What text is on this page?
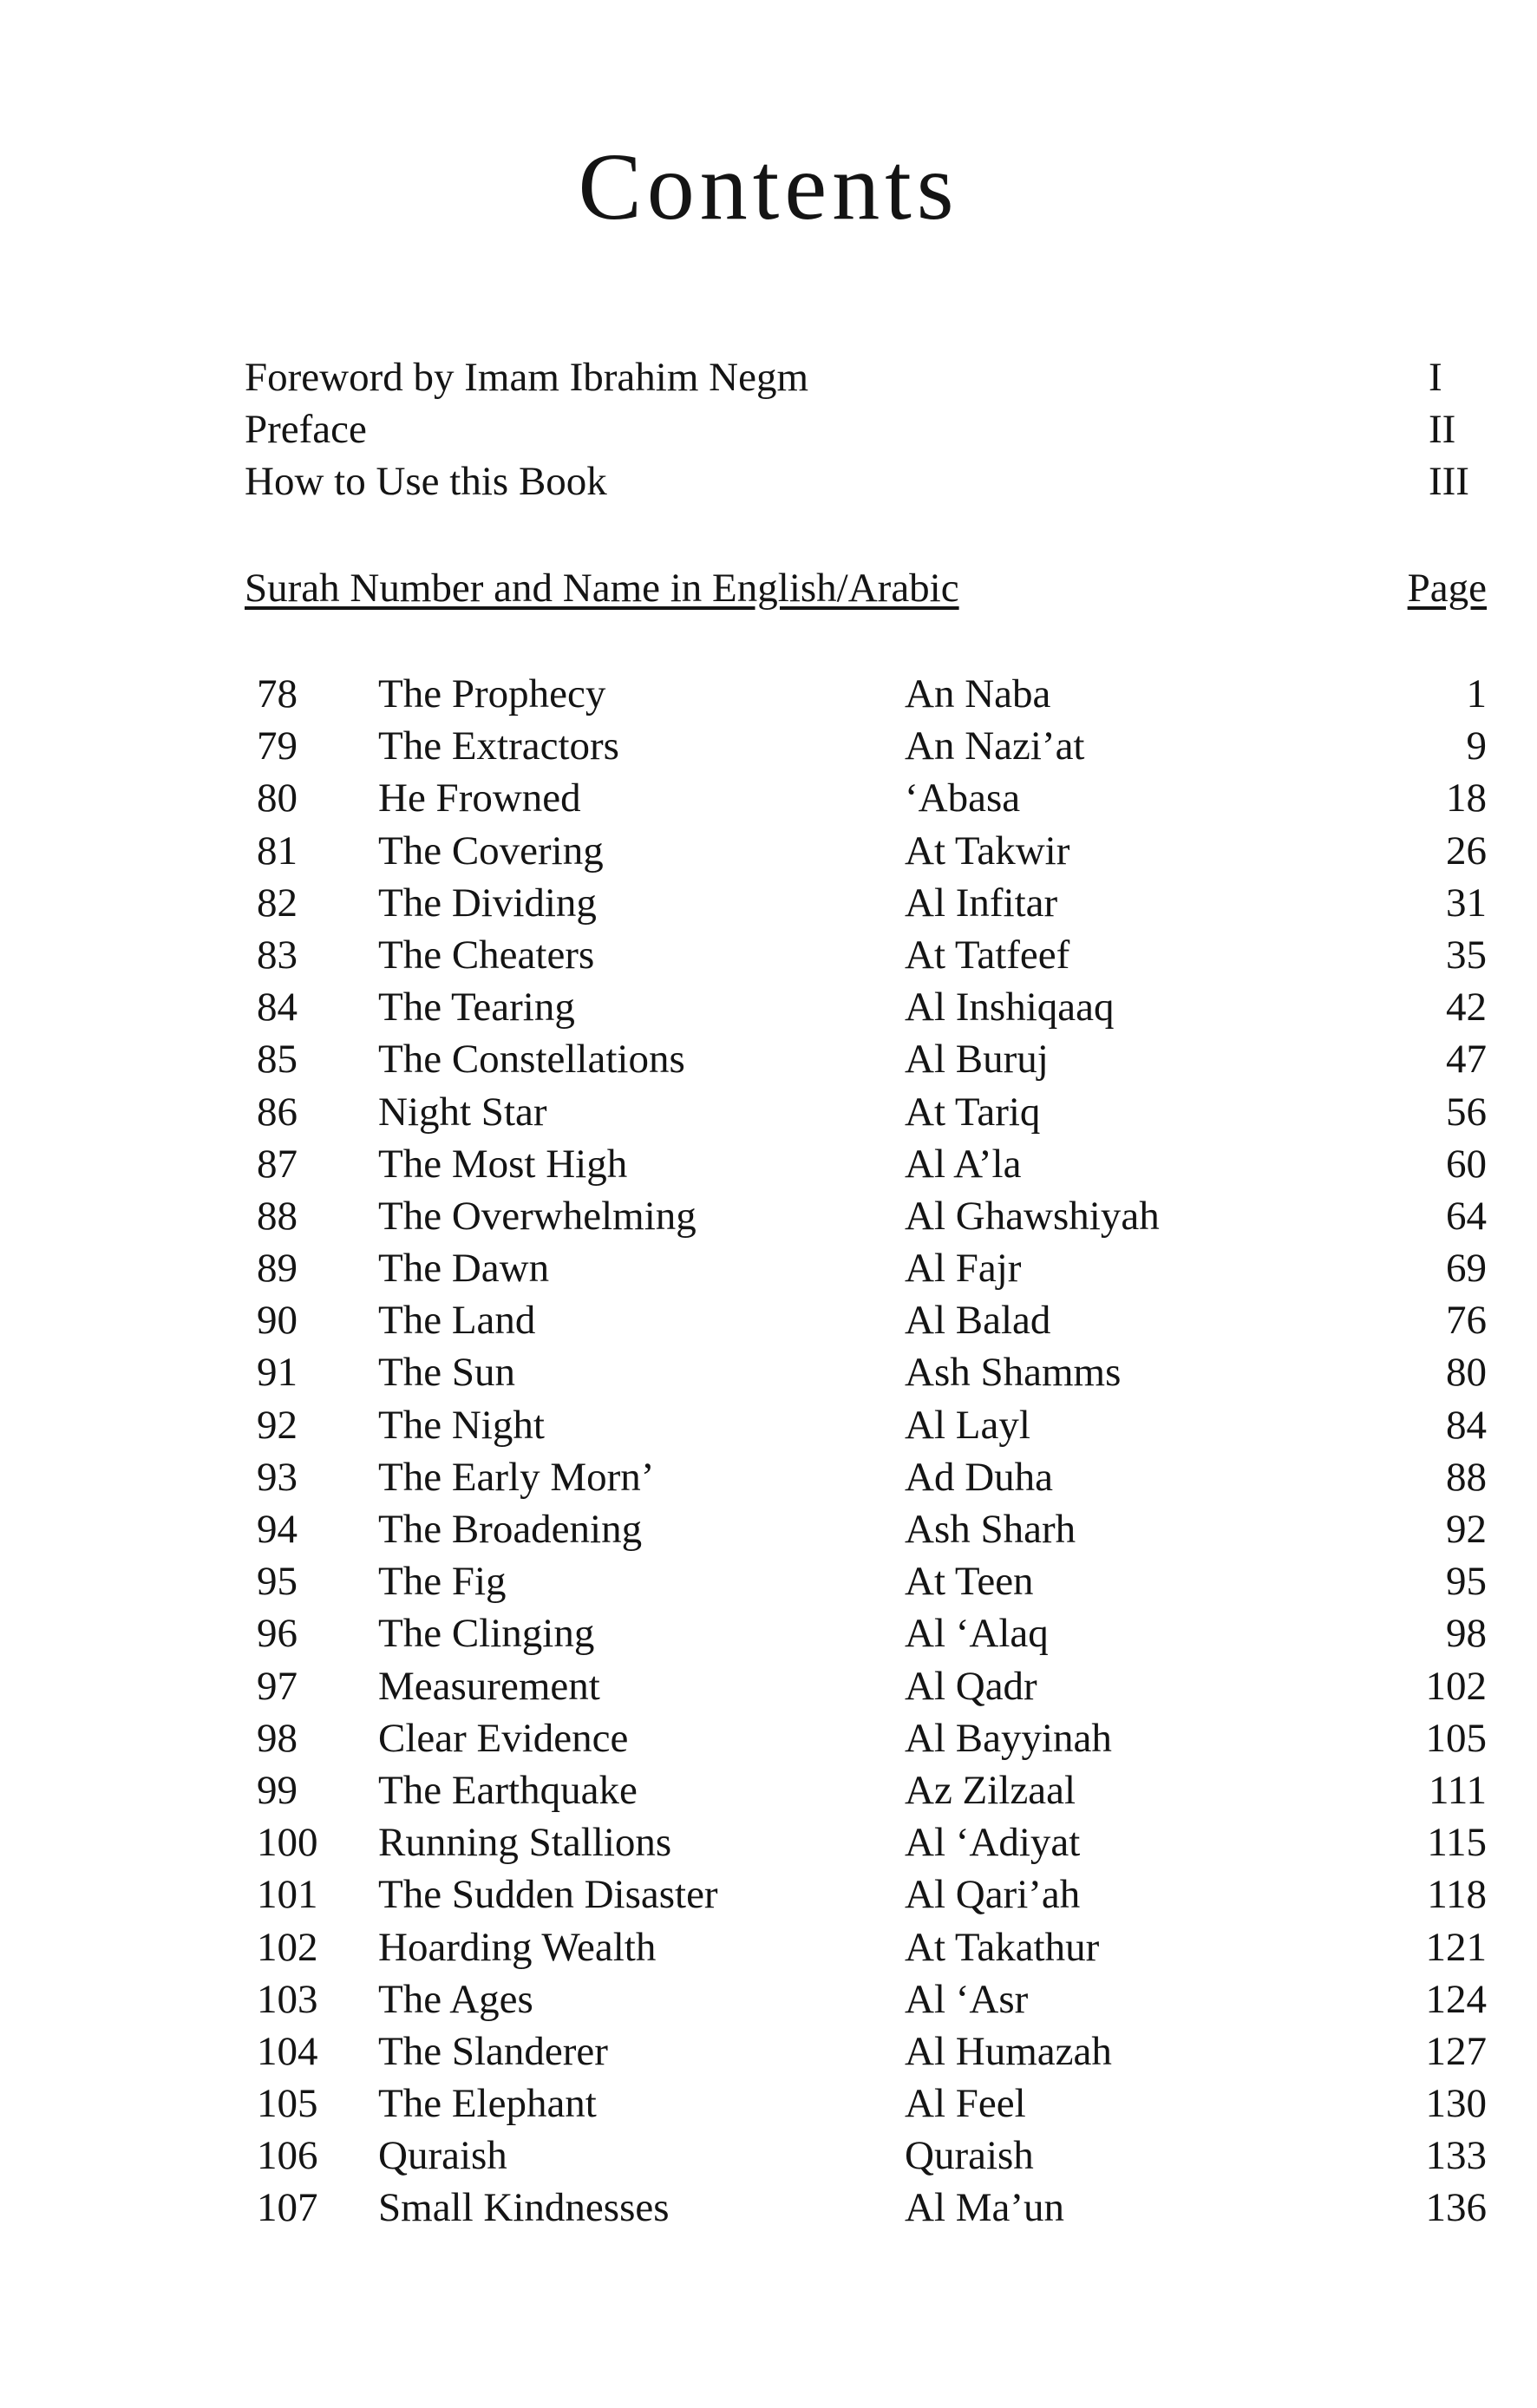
Contents
Foreword by Imam Ibrahim Negm	I
Preface	II
How to Use this Book	III
Surah Number and Name in English/Arabic	Page
78 The Prophecy	An Naba	1
79 The Extractors	An Nazi’at	9
80 He Frowned	‘Abasa	18
81 The Covering	At Takwir	26
82 The Dividing	Al Infitar	31
83 The Cheaters	At Tatfeef	35
84 The Tearing	Al Inshiqaaq	42
85 The Constellations	Al Buruj	47
86 Night Star	At Tariq	56
87 The Most High	Al A’la	60
88 The Overwhelming	Al Ghawshiyah	64
89 The Dawn	Al Fajr	69
90 The Land	Al Balad	76
91 The Sun	Ash Shamms	80
92 The Night	Al Layl	84
93 The Early Morn’	Ad Duha	88
94 The Broadening	Ash Sharh	92
95 The Fig	At Teen	95
96 The Clinging	Al ‘Alaq	98
97 Measurement	Al Qadr	102
98 Clear Evidence	Al Bayyinah	105
99 The Earthquake	Az Zilzaal	111
100 Running Stallions	Al ‘Adiyat	115
101 The Sudden Disaster	Al Qari’ah	118
102 Hoarding Wealth	At Takathur	121
103 The Ages	Al ‘Asr	124
104 The Slanderer	Al Humazah	127
105 The Elephant	Al Feel	130
106 Quraish	Quraish	133
107 Small Kindnesses	Al Ma’un	136
